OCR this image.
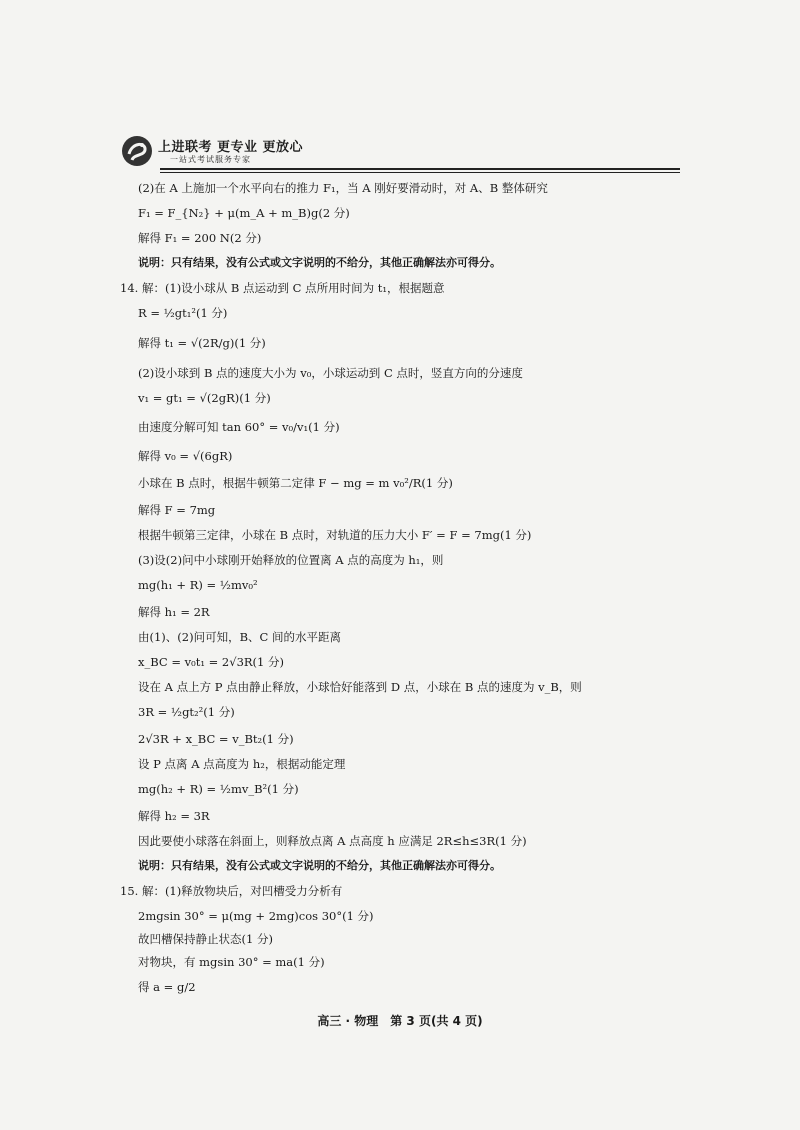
上进联考 更专业 更放心
一站式考试服务专家
(2)在 A 上施加一个水平向右的推力 F₁，当 A 刚好要滑动时，对 A、B 整体研究
F₁ = F_{N₂} + μ(m_A + m_B)g(2 分)
解得 F₁ = 200 N(2 分)
说明：只有结果，没有公式或文字说明的不给分，其他正确解法亦可得分。
14. 解：(1)设小球从 B 点运动到 C 点所用时间为 t₁，根据题意
R = ½gt₁²(1 分)
解得 t₁ = √(2R/g)(1 分)
(2)设小球到 B 点的速度大小为 v₀，小球运动到 C 点时，竖直方向的分速度
v₁ = gt₁ = √(2gR)(1 分)
由速度分解可知 tan 60° = v₀/v₁(1 分)
解得 v₀ = √(6gR)
小球在 B 点时，根据牛顿第二定律 F − mg = m v₀²/R(1 分)
解得 F = 7mg
根据牛顿第三定律，小球在 B 点时，对轨道的压力大小 F′ = F = 7mg(1 分)
(3)设(2)问中小球刚开始释放的位置离 A 点的高度为 h₁，则
mg(h₁ + R) = ½mv₀²
解得 h₁ = 2R
由(1)、(2)问可知，B、C 间的水平距离
x_BC = v₀t₁ = 2√3R(1 分)
设在 A 点上方 P 点由静止释放，小球恰好能落到 D 点，小球在 B 点的速度为 v_B，则
3R = ½gt₂²(1 分)
2√3R + x_BC = v_Bt₂(1 分)
设 P 点离 A 点高度为 h₂，根据动能定理
mg(h₂ + R) = ½mv_B²(1 分)
解得 h₂ = 3R
因此要使小球落在斜面上，则释放点离 A 点高度 h 应满足 2R≤h≤3R(1 分)
说明：只有结果，没有公式或文字说明的不给分，其他正确解法亦可得分。
15. 解：(1)释放物块后，对凹槽受力分析有
2mgsin 30° = μ(mg + 2mg)cos 30°(1 分)
故凹槽保持静止状态(1 分)
对物块，有 mgsin 30° = ma(1 分)
得 a = g/2
高三 · 物理　第 3 页(共 4 页)
